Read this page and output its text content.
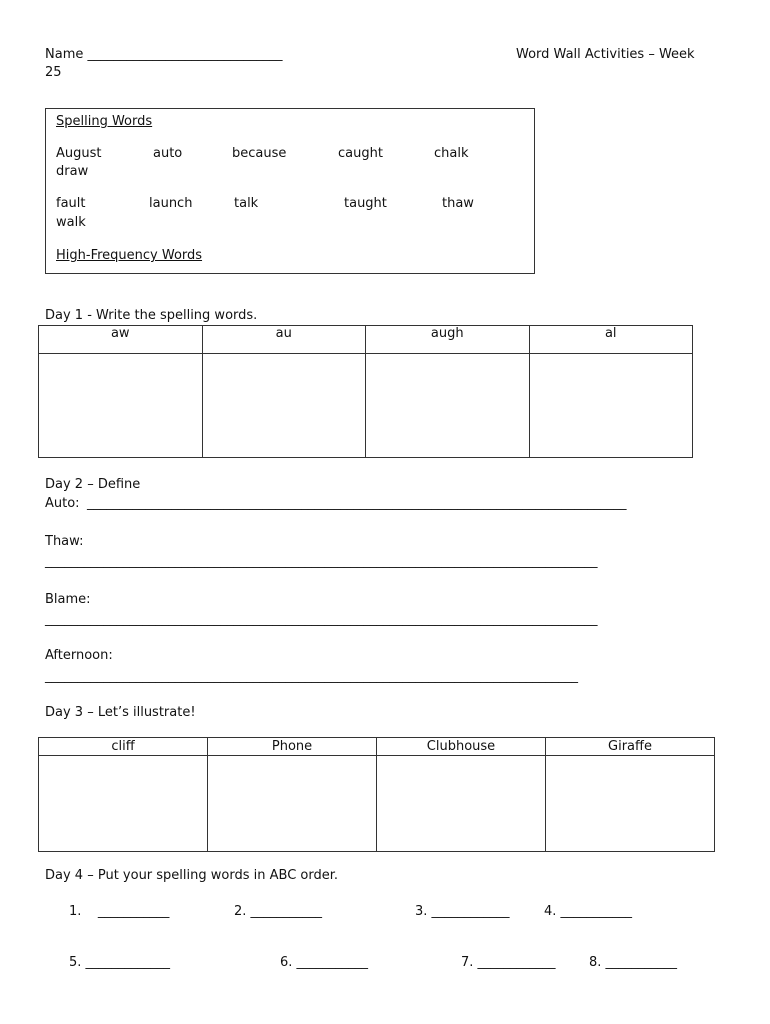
Name ______________________________	Word Wall Activities – Week
25
Spelling Words
August	auto	because	caught	chalk
draw
fault	launch	talk	taught	thaw
walk
High-Frequency Words
Day 1 - Write the spelling words.
aw	au	augh	al

Day 2 – Define
Auto: ___________________________________________________________________________________
Thaw:
_____________________________________________________________________________________
Blame:
_____________________________________________________________________________________
Afternoon:
__________________________________________________________________________________
Day 3 – Let’s illustrate!
cliff	Phone	Clubhouse	Giraffe

Day 4 – Put your spelling words in ABC order.
1.    ___________	2. ___________	3. ____________	4. ___________
5. _____________	6. ___________	7. ____________	8. ___________
